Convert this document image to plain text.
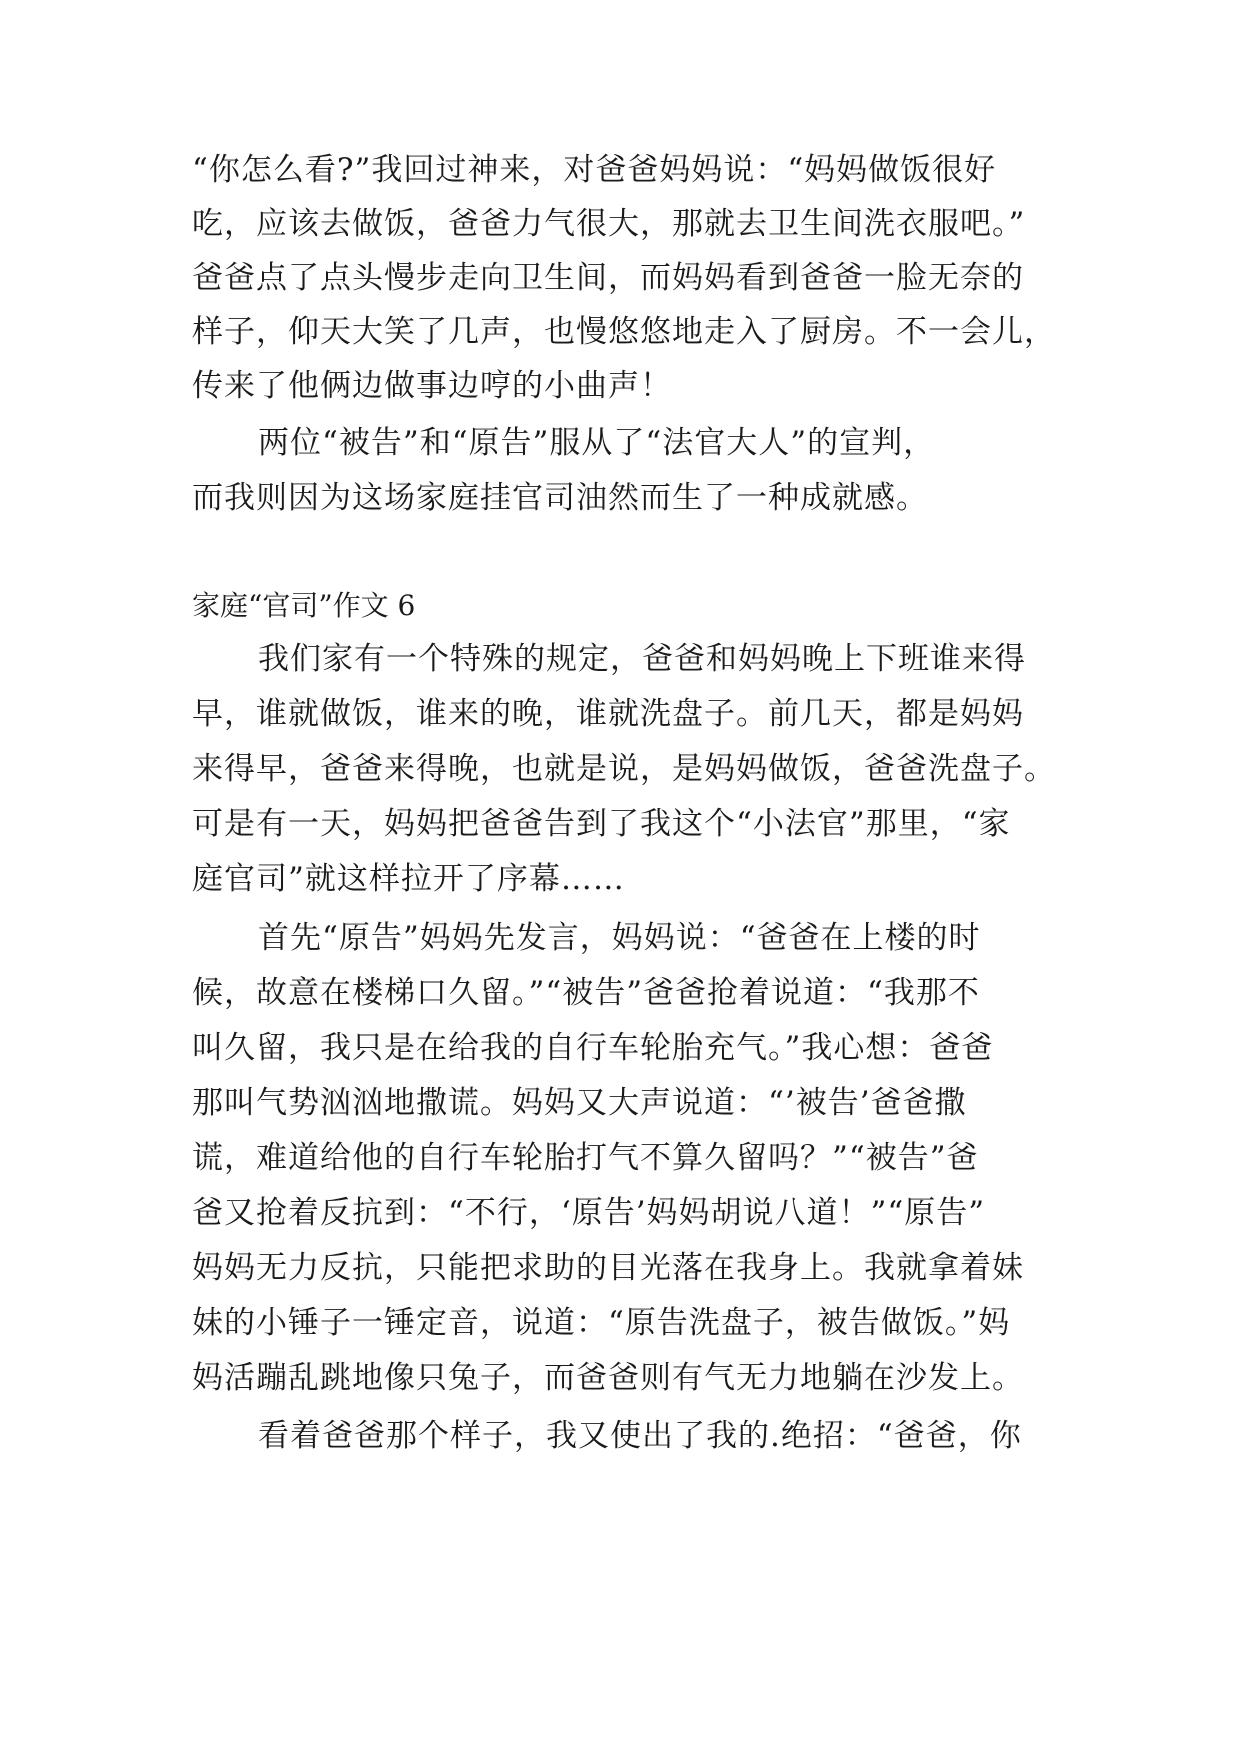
“你怎么看?”我回过神来，对爸爸妈妈说：“妈妈做饭很好
吃，应该去做饭，爸爸力气很大，那就去卫生间洗衣服吧。”
爸爸点了点头慢步走向卫生间，而妈妈看到爸爸一脸无奈的
样子，仰天大笑了几声，也慢悠悠地走入了厨房。不一会儿，
传来了他俩边做事边哼的小曲声！
两位“被告”和“原告”服从了“法官大人”的宣判，
而我则因为这场家庭挂官司油然而生了一种成就感。
家庭“官司”作文 6
我们家有一个特殊的规定，爸爸和妈妈晚上下班谁来得
早，谁就做饭，谁来的晚，谁就洗盘子。前几天，都是妈妈
来得早，爸爸来得晚，也就是说，是妈妈做饭，爸爸洗盘子。
可是有一天，妈妈把爸爸告到了我这个“小法官”那里，“家
庭官司”就这样拉开了序幕……
首先“原告”妈妈先发言，妈妈说：“爸爸在上楼的时
候，故意在楼梯口久留。”“被告”爸爸抢着说道：“我那不
叫久留，我只是在给我的自行车轮胎充气。”我心想：爸爸
那叫气势汹汹地撒谎。妈妈又大声说道：“’被告’爸爸撒
谎，难道给他的自行车轮胎打气不算久留吗？”“被告”爸
爸又抢着反抗到：“不行，‘原告’妈妈胡说八道！”“原告”
妈妈无力反抗，只能把求助的目光落在我身上。我就拿着妹
妹的小锤子一锤定音，说道：“原告洗盘子，被告做饭。”妈
妈活蹦乱跳地像只兔子，而爸爸则有气无力地躺在沙发上。
看着爸爸那个样子，我又使出了我的.绝招：“爸爸，你
